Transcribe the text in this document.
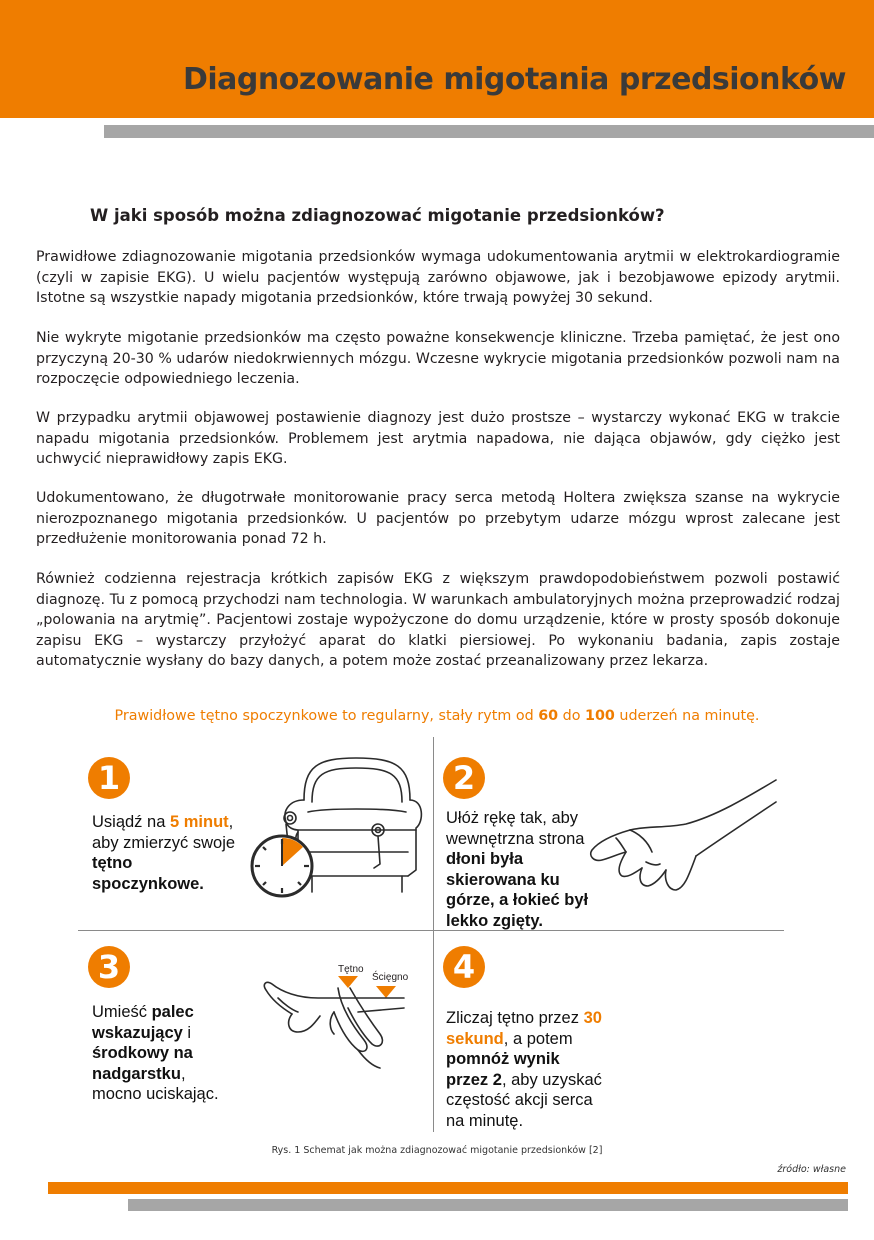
Diagnozowanie migotania przedsionków
W jaki sposób można zdiagnozować migotanie przedsionków?

Prawidłowe zdiagnozowanie migotania przedsionków wymaga udokumentowania arytmii w elektrokardiogramie (czyli w zapisie EKG). U wielu pacjentów występują zarówno objawowe, jak i bezobjawowe epizody arytmii. Istotne są wszystkie napady migotania przedsionków, które trwają powyżej 30 sekund.

Nie wykryte migotanie przedsionków ma często poważne konsekwencje kliniczne. Trzeba pamiętać, że jest ono przyczyną 20-30 % udarów niedokrwiennych mózgu. Wczesne wykrycie migotania przedsionków pozwoli nam na rozpoczęcie odpowiedniego leczenia.

W przypadku arytmii objawowej postawienie diagnozy jest dużo prostsze – wystarczy wykonać EKG w trakcie napadu migotania przedsionków. Problemem jest arytmia napadowa, nie dająca objawów, gdy ciężko jest uchwycić nieprawidłowy zapis EKG.

Udokumentowano, że długotrwałe monitorowanie pracy serca metodą Holtera zwiększa szanse na wykrycie nierozpoznanego migotania przedsionków. U pacjentów po przebytym udarze mózgu wprost zalecane jest przedłużenie monitorowania ponad 72 h.

Również codzienna rejestracja krótkich zapisów EKG z większym prawdopodobieństwem pozwoli postawić diagnozę. Tu z pomocą przychodzi nam technologia. W warunkach ambulatoryjnych można przeprowadzić rodzaj „polowania na arytmię”. Pacjentowi zostaje wypożyczone do domu urządzenie, które w prosty sposób dokonuje zapisu EKG – wystarczy przyłożyć aparat do klatki piersiowej. Po wykonaniu badania, zapis zostaje automatycznie wysłany do bazy danych, a potem może zostać przeanalizowany przez lekarza.

Prawidłowe tętno spoczynkowe to regularny, stały rytm od 60 do 100 uderzeń na minutę.
1
Usiądź na 5 minut,
aby zmierzyć swoje
tętno
spoczynkowe.
2
Ułóż rękę tak, aby
wewnętrzna strona
dłoni była
skierowana ku
górze, a łokieć był
lekko zgięty.
3
Umieść palec
wskazujący i
środkowy na
nadgarstku,
mocno uciskając.
Tętno
Ścięgno	4
Zliczaj tętno przez 30
sekund, a potem
pomnóż wynik
przez 2, aby uzyskać
częstość akcji serca
na minutę.
Rys. 1 Schemat jak można zdiagnozować migotanie przedsionków [2]
źródło: własne
